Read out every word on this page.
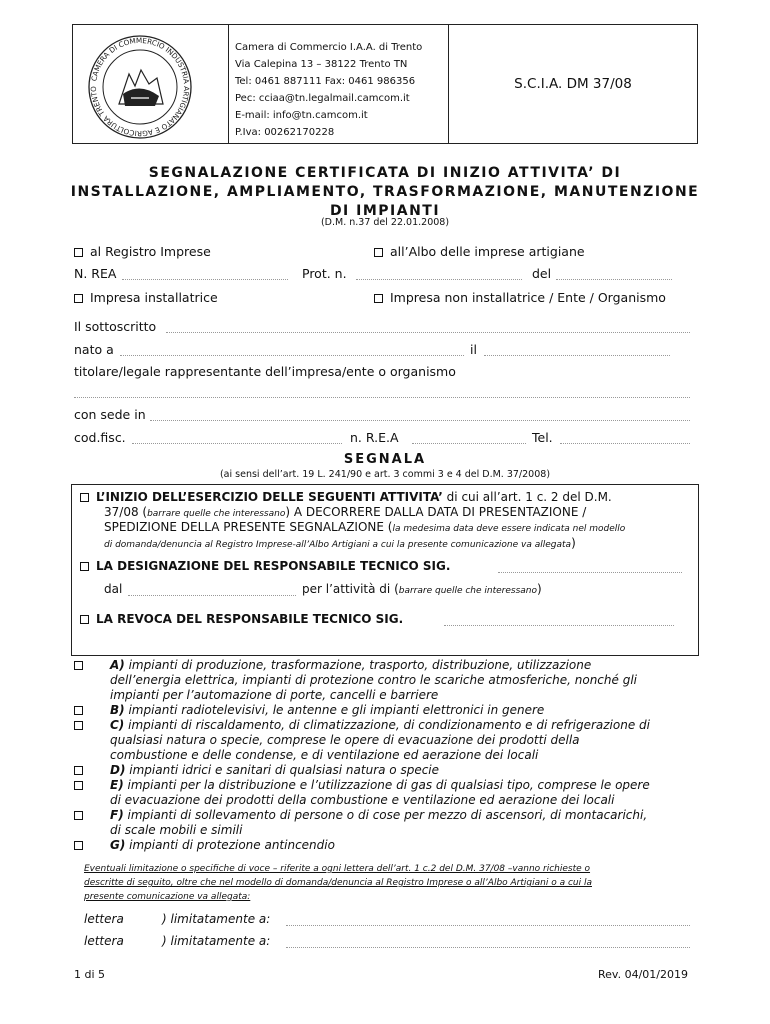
CAMERA DI COMMERCIO INDUSTRIA ARTIGIANATO E AGRICOLTURA TRENTO
Camera di Commercio I.A.A. di Trento
Via Calepina 13 – 38122 Trento TN
Tel: 0461 887111 Fax: 0461 986356
Pec: cciaa@tn.legalmail.camcom.it
E-mail: info@tn.camcom.it
P.Iva: 00262170228
S.C.I.A. DM 37/08
SEGNALAZIONE CERTIFICATA DI INIZIO ATTIVITA’ DI
INSTALLAZIONE, AMPLIAMENTO, TRASFORMAZIONE, MANUTENZIONE
DI IMPIANTI
(D.M. n.37 del 22.01.2008)
al Registro Imprese	all’Albo delle imprese artigiane
N. REA	Prot. n.	del
Impresa installatrice	Impresa non installatrice / Ente / Organismo
Il sottoscritto
nato a	il
titolare/legale rappresentante dell’impresa/ente o organismo
con sede in
cod.fisc.	n. R.E.A	Tel.
SEGNALA
(ai sensi dell’art. 19 L. 241/90 e art. 3 commi 3 e 4 del D.M. 37/2008)
L’INIZIO DELL’ESERCIZIO DELLE SEGUENTI ATTIVITA’ di cui all’art. 1 c. 2 del D.M.
37/08 (barrare quelle che interessano) A DECORRERE DALLA DATA DI PRESENTAZIONE /
SPEDIZIONE DELLA PRESENTE SEGNALAZIONE (la medesima data deve essere indicata nel modello
di domanda/denuncia al Registro Imprese-all’Albo Artigiani a cui la presente comunicazione va allegata)
LA DESIGNAZIONE DEL RESPONSABILE TECNICO SIG.
dal	per l’attività di (barrare quelle che interessano)
LA REVOCA DEL RESPONSABILE TECNICO SIG.
A) impianti di produzione, trasformazione, trasporto, distribuzione, utilizzazione
dell’energia elettrica, impianti di protezione contro le scariche atmosferiche, nonché gli
impianti per l’automazione di porte, cancelli e barriere
B) impianti radiotelevisivi, le antenne e gli impianti elettronici in genere
C) impianti di riscaldamento, di climatizzazione, di condizionamento e di refrigerazione di
qualsiasi natura o specie, comprese le opere di evacuazione dei prodotti della
combustione e delle condense, e di ventilazione ed aerazione dei locali
D) impianti idrici e sanitari di qualsiasi natura o specie
E) impianti per la distribuzione e l’utilizzazione di gas di qualsiasi tipo, comprese le opere
di evacuazione dei prodotti della combustione e ventilazione ed aerazione dei locali
F) impianti di sollevamento di persone o di cose per mezzo di ascensori, di montacarichi,
di scale mobili e simili
G) impianti di protezione antincendio
Eventuali limitazione o specifiche di voce – riferite a ogni lettera dell’art. 1 c.2 del D.M. 37/08 –vanno richieste o
descritte di seguito, oltre che nel modello di domanda/denuncia al Registro Imprese o all’Albo Artigiani o a cui la
presente comunicazione va allegata:
lettera	) limitatamente a:
lettera	) limitatamente a:
1 di 5	Rev. 04/01/2019
